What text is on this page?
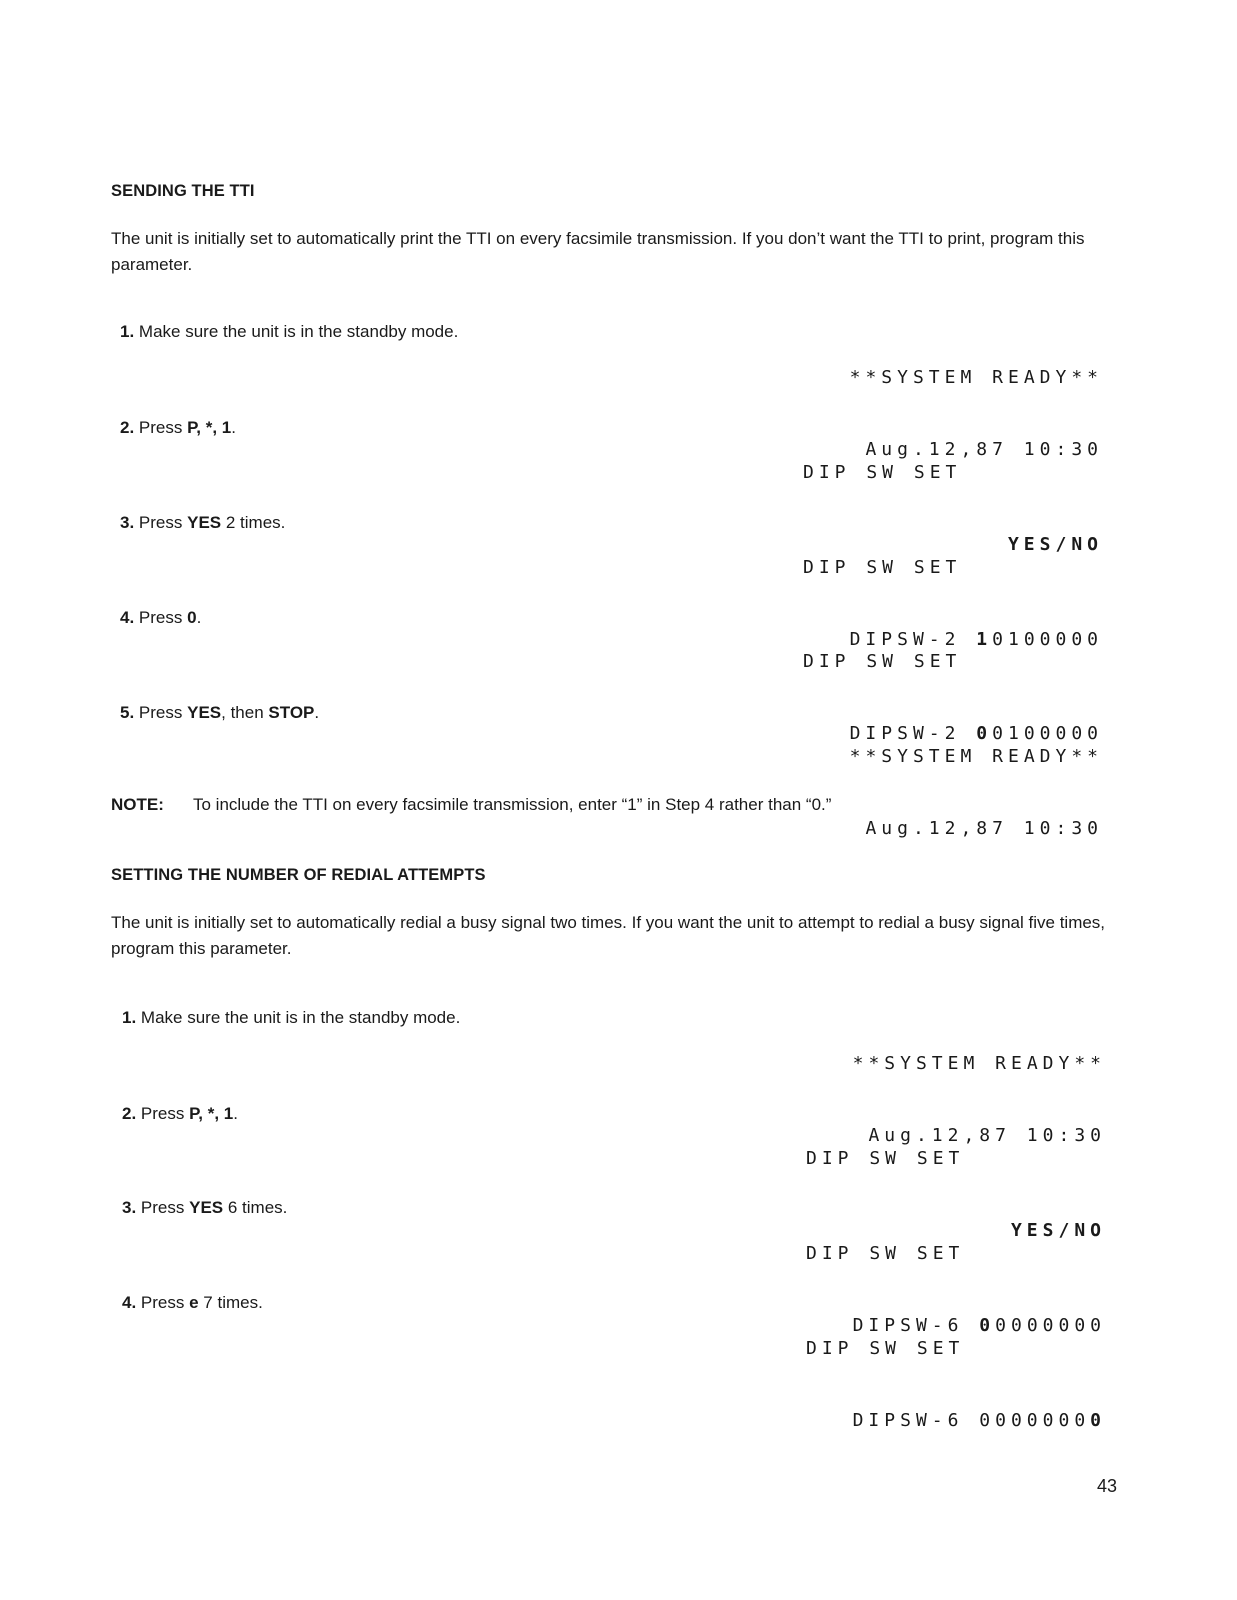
SENDING THE TTI

The unit is initially set to automatically print the TTI on every facsimile transmission. If you don’t want the TTI to print, program this parameter.

1. Make sure the unit is in the standby mode.
2. Press P, *, 1.
3. Press YES 2 times.
4. Press 0.
5. Press YES, then STOP.

**SYSTEM READY**

Aug.12,87 10:30

DIP SW SET

YES/NO

DIP SW SET

DIPSW-2 10100000

DIP SW SET

DIPSW-2 00100000

**SYSTEM READY**

Aug.12,87 10:30

NOTE: To include the TTI on every facsimile transmission, enter “1” in Step 4 rather than “0.”
SETTING THE NUMBER OF REDIAL ATTEMPTS

The unit is initially set to automatically redial a busy signal two times. If you want the unit to attempt to redial a busy signal five times, program this parameter.

1. Make sure the unit is in the standby mode.
2. Press P, *, 1.
3. Press YES 6 times.
4. Press e 7 times.

**SYSTEM READY**

Aug.12,87 10:30

DIP SW SET

YES/NO

DIP SW SET

DIPSW-6 00000000

DIP SW SET

DIPSW-6 00000000

43
